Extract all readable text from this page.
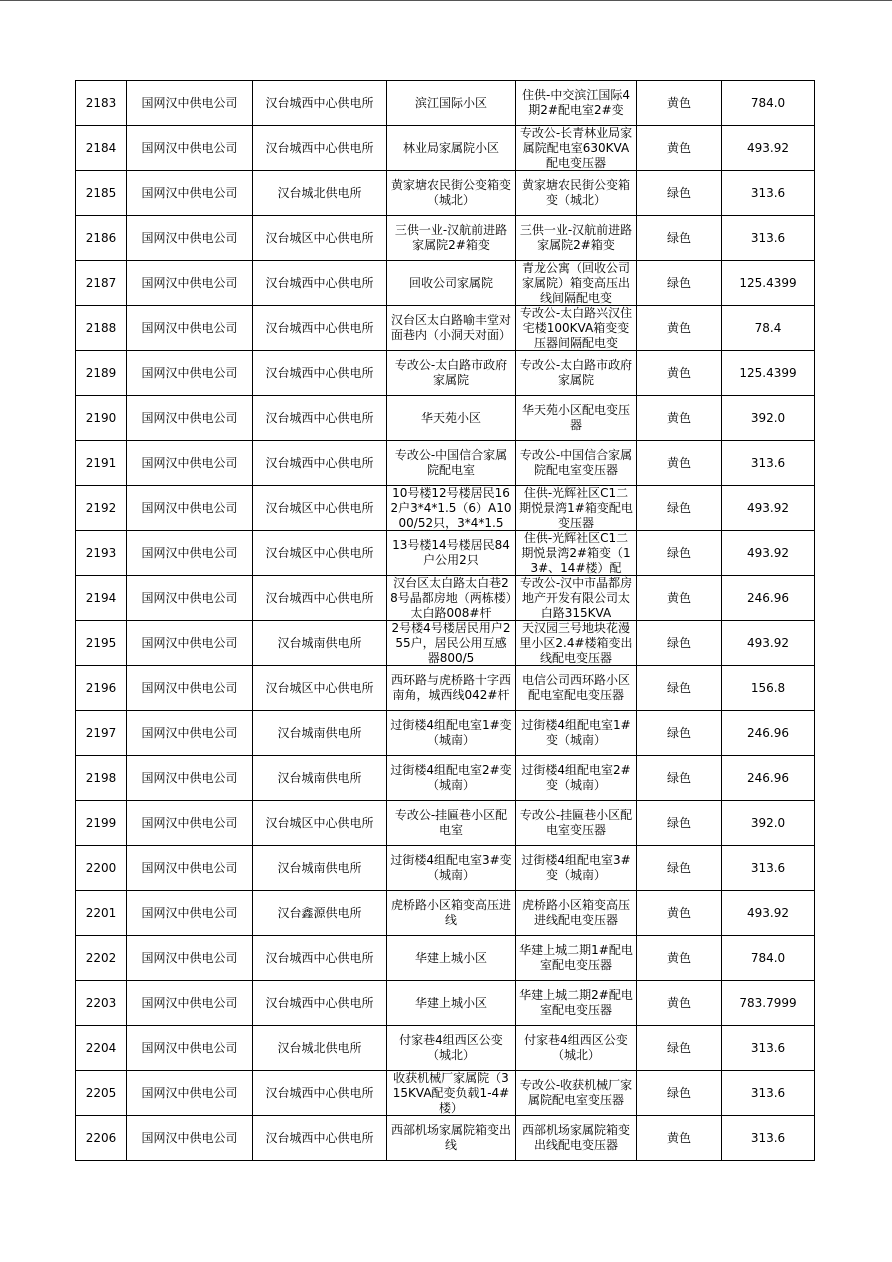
2183	国网汉中供电公司	汉台城西中心供电所	滨江国际小区	住供-中交滨江国际4期2#配电室2#变	黄色	784.0

2184	国网汉中供电公司	汉台城西中心供电所	林业局家属院小区	专改公-长青林业局家属院配电室630KVA配电变压器	黄色	493.92

2185	国网汉中供电公司	汉台城北供电所	黄家塘农民街公变箱变（城北）	黄家塘农民街公变箱变（城北）	绿色	313.6

2186	国网汉中供电公司	汉台城区中心供电所	三供一业-汉航前进路家属院2#箱变	三供一业-汉航前进路家属院2#箱变	绿色	313.6

2187	国网汉中供电公司	汉台城西中心供电所	回收公司家属院	青龙公寓（回收公司家属院）箱变高压出线间隔配电变	绿色	125.4399

2188	国网汉中供电公司	汉台城西中心供电所	汉台区太白路喻丰堂对面巷内（小洞天对面）	专改公-太白路兴汉住宅楼100KVA箱变变压器间隔配电变	黄色	78.4

2189	国网汉中供电公司	汉台城西中心供电所	专改公-太白路市政府家属院	专改公-太白路市政府家属院	黄色	125.4399

2190	国网汉中供电公司	汉台城西中心供电所	华天苑小区	华天苑小区配电变压器	黄色	392.0

2191	国网汉中供电公司	汉台城西中心供电所	专改公-中国信合家属院配电室	专改公-中国信合家属院配电室变压器	黄色	313.6

2192	国网汉中供电公司	汉台城区中心供电所	10号楼12号楼居民162户3*4*1.5（6）A1000/52只，3*4*1.5	住供-光辉社区C1二期悦景湾1#箱变配电变压器	绿色	493.92

2193	国网汉中供电公司	汉台城区中心供电所	13号楼14号楼居民84户公用2只	住供-光辉社区C1二期悦景湾2#箱变（13#、14#楼）配	绿色	493.92

2194	国网汉中供电公司	汉台城西中心供电所	汉台区太白路太白巷28号晶都房地（两栋楼）太白路008#杆	专改公-汉中市晶都房地产开发有限公司太白路315KVA	黄色	246.96

2195	国网汉中供电公司	汉台城南供电所	2号楼4号楼居民用户255户，居民公用互感器800/5	天汉园三号地块花漫里小区2.4#楼箱变出线配电变压器	绿色	493.92

2196	国网汉中供电公司	汉台城区中心供电所	西环路与虎桥路十字西南角，城西线042#杆	电信公司西环路小区配电室配电变压器	绿色	156.8

2197	国网汉中供电公司	汉台城南供电所	过街楼4组配电室1#变（城南）	过街楼4组配电室1#变（城南）	绿色	246.96

2198	国网汉中供电公司	汉台城南供电所	过街楼4组配电室2#变（城南）	过街楼4组配电室2#变（城南）	绿色	246.96

2199	国网汉中供电公司	汉台城区中心供电所	专改公-挂匾巷小区配电室	专改公-挂匾巷小区配电室变压器	绿色	392.0

2200	国网汉中供电公司	汉台城南供电所	过街楼4组配电室3#变（城南）	过街楼4组配电室3#变（城南）	绿色	313.6

2201	国网汉中供电公司	汉台鑫源供电所	虎桥路小区箱变高压进线	虎桥路小区箱变高压进线配电变压器	黄色	493.92

2202	国网汉中供电公司	汉台城西中心供电所	华建上城小区	华建上城二期1#配电室配电变压器	黄色	784.0

2203	国网汉中供电公司	汉台城西中心供电所	华建上城小区	华建上城二期2#配电室配电变压器	黄色	783.7999

2204	国网汉中供电公司	汉台城北供电所	付家巷4组西区公变（城北）	付家巷4组西区公变（城北）	绿色	313.6

2205	国网汉中供电公司	汉台城西中心供电所	收获机械厂家属院（315KVA配变负载1-4#楼）	专改公-收获机械厂家属院配电室变压器	绿色	313.6

2206	国网汉中供电公司	汉台城西中心供电所	西部机场家属院箱变出线	西部机场家属院箱变出线配电变压器	黄色	313.6
